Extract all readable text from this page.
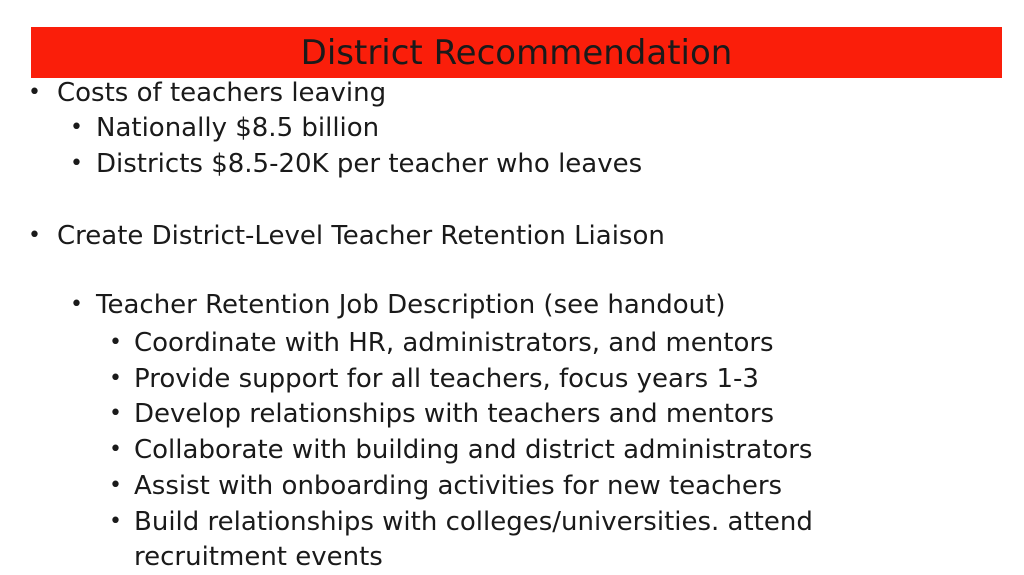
District Recommendation
• Costs of teachers leaving
• Nationally $8.5 billion
• Districts $8.5-20K per teacher who leaves
• Create District-Level Teacher Retention Liaison
• Teacher Retention Job Description (see handout)
• Coordinate with HR, administrators, and mentors
• Provide support for all teachers, focus years 1-3
• Develop relationships with teachers and mentors
• Collaborate with building and district administrators
• Assist with onboarding activities for new teachers
• Build relationships with colleges/universities. attend
recruitment events
